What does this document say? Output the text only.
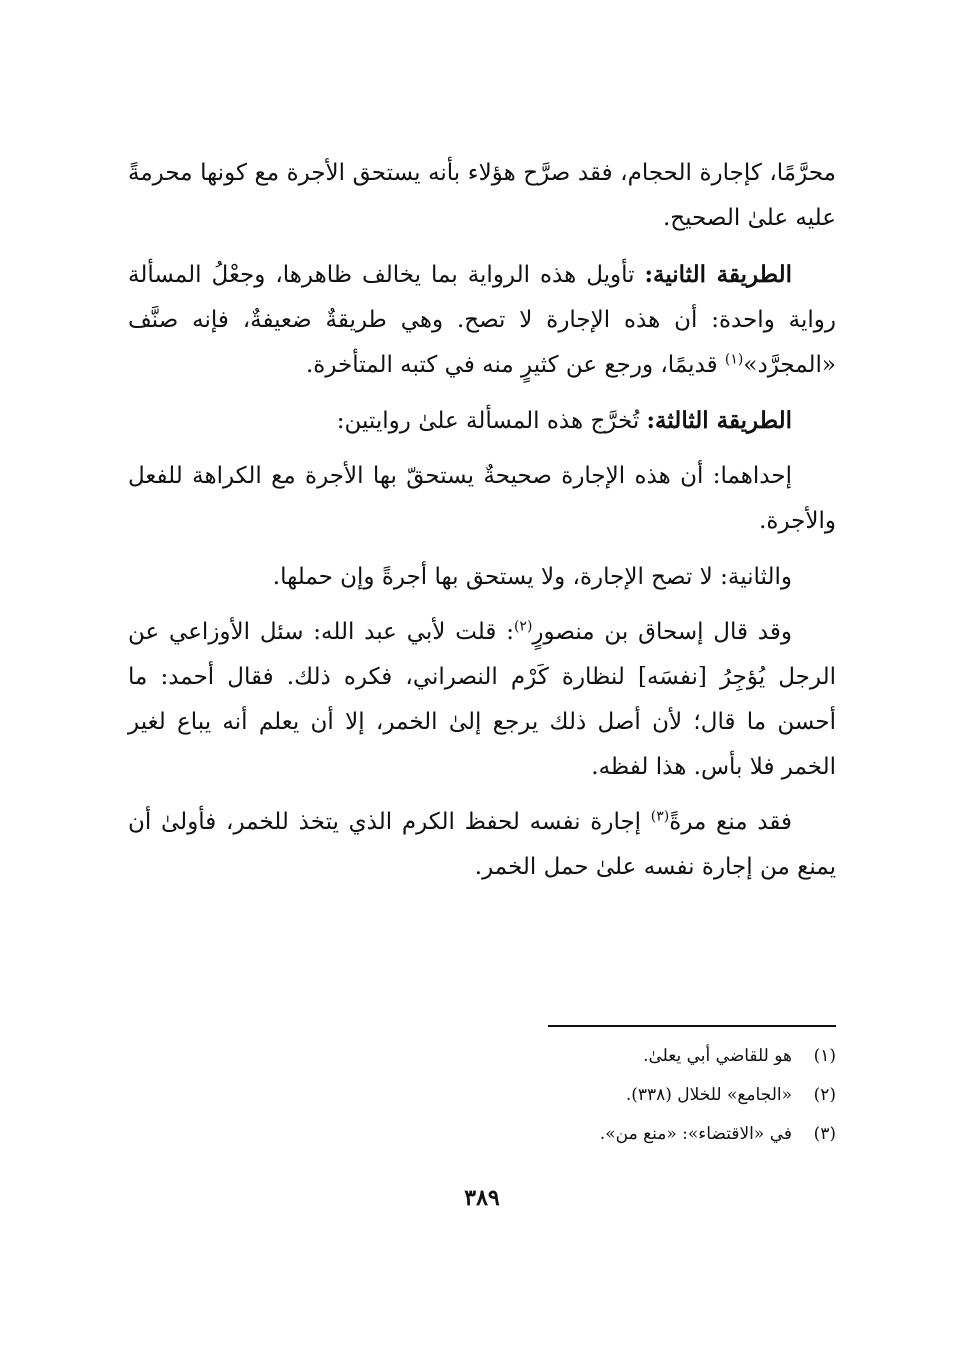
محرَّمًا، كإجارة الحجام، فقد صرَّح هؤلاء بأنه يستحق الأجرة مع كونها محرمةً عليه علىٰ الصحيح.

الطريقة الثانية: تأويل هذه الرواية بما يخالف ظاهرها، وجعْلُ المسألة رواية واحدة: أن هذه الإجارة لا تصح. وهي طريقةٌ ضعيفةٌ، فإنه صنَّف «المجرَّد»$^{(١)}$ قديمًا، ورجع عن كثيرٍ منه في كتبه المتأخرة.

الطريقة الثالثة: تُخرَّج هذه المسألة علىٰ روايتين:

إحداهما: أن هذه الإجارة صحيحةٌ يستحقّ بها الأجرة مع الكراهة للفعل والأجرة.

والثانية: لا تصح الإجارة، ولا يستحق بها أجرةً وإن حملها.

وقد قال إسحاق بن منصورٍ$^{(٢)}$: قلت لأبي عبد الله: سئل الأوزاعي عن الرجل يُؤجِرُ [نفسَه] لنظارة كَرْم النصراني، فكره ذلك. فقال أحمد: ما أحسن ما قال؛ لأن أصل ذلك يرجع إلىٰ الخمر، إلا أن يعلم أنه يباع لغير الخمر فلا بأس. هذا لفظه.

فقد منع مرةً$^{(٣)}$ إجارة نفسه لحفظ الكرم الذي يتخذ للخمر، فأولىٰ أن يمنع من إجارة نفسه علىٰ حمل الخمر.

(١)هو للقاضي أبي يعلىٰ.
(٢)«الجامع» للخلال (٣٣٨).
(٣)في «الاقتضاء»: «منع من».
٣٨٩
